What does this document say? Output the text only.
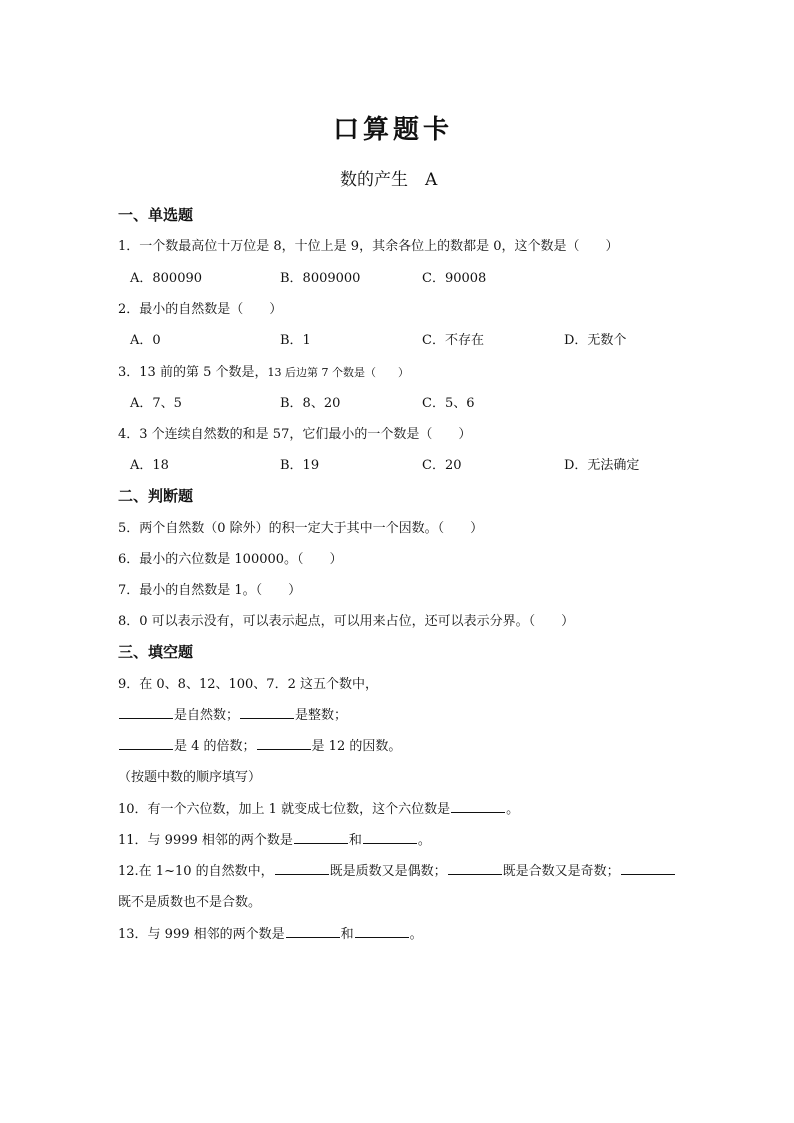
口算题卡
数的产生　A
一、单选题
1．一个数最高位十万位是 8，十位上是 9，其余各位上的数都是 0，这个数是（　　）
A．800090	B．8009000	C．90008
2．最小的自然数是（　　）
A．0	B．1	C．不存在	D．无数个
3．13 前的第 5 个数是，13 后边第 7 个数是（　　）
A．7、5	B．8、20	C．5、6
4．3 个连续自然数的和是 57，它们最小的一个数是（　　）
A．18	B．19	C．20	D．无法确定
二、判断题
5．两个自然数（0 除外）的积一定大于其中一个因数。（　　）
6．最小的六位数是 100000。（　　）
7．最小的自然数是 1。（　　）
8．0 可以表示没有，可以表示起点，可以用来占位，还可以表示分界。（　　）
三、填空题
9．在 0、8、12、100、7．2 这五个数中，
是自然数；	是整数；
是 4 的倍数；	是 12 的因数。
（按题中数的顺序填写）
10．有一个六位数，加上 1 就变成七位数，这个六位数是	。
11．与 9999 相邻的两个数是	和	。
12.在 1~10 的自然数中，	既是质数又是偶数；	既是合数又是奇数；
既不是质数也不是合数。
13．与 999 相邻的两个数是	和	。
